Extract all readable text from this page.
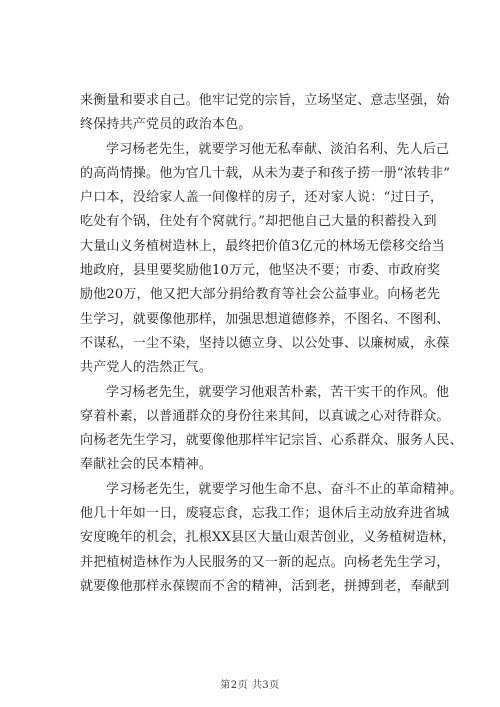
来衡量和要求自己。他牢记党的宗旨，立场坚定、意志坚强，始
终保持共产党员的政治本色。

学习杨老先生，就要学习他无私奉献、淡泊名利、先人后己
的高尚情操。他为官几十载，从未为妻子和孩子捞一册“浓转非”
户口本，没给家人盖一间像样的房子，还对家人说：“过日子，
吃处有个锅，住处有个窝就行。”却把他自己大量的积蓄投入到
大量山义务植树造林上，最终把价值3亿元的林场无偿移交给当
地政府，县里要奖励他10万元，他坚决不要；市委、市政府奖
励他20万，他又把大部分捐给教育等社会公益事业。向杨老先
生学习，就要像他那样，加强思想道德修养，不图名、不图利、
不谋私，一尘不染，坚持以德立身、以公处事、以廉树威，永葆
共产党人的浩然正气。

学习杨老先生，就要学习他艰苦朴素，苦干实干的作风。他
穿着朴素，以普通群众的身份往来其间，以真诚之心对待群众。
向杨老先生学习，就要像他那样牢记宗旨、心系群众、服务人民、
奉献社会的民本精神。

学习杨老先生，就要学习他生命不息、奋斗不止的革命精神。
他几十年如一日，废寝忘食，忘我工作；退休后主动放弃进省城
安度晚年的机会，扎根XX县区大量山艰苦创业，义务植树造林，
并把植树造林作为人民服务的又一新的起点。向杨老先生学习，
就要像他那样永葆锲而不舍的精神，活到老，拼搏到老，奉献到

第2页 共3页
